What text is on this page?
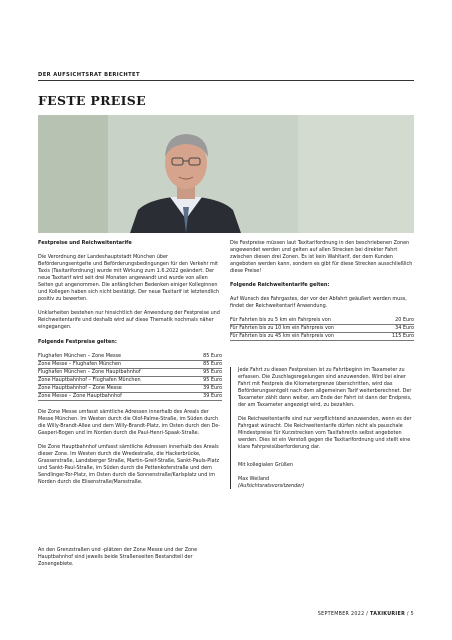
DER AUFSICHTSRAT BERICHTET
FESTE PREISE
Festpreise und Reichweitentarife

Die Verordnung der Landeshauptstadt München über Beförderungsentgelte und Beförderungsbedingungen für den Verkehr mit Taxis (Taxitarifordnung) wurde mit Wirkung zum 1.6.2022 geändert. Der neue Taxitarif wird seit drei Monaten angewandt und wurde von allen Seiten gut angenommen. Die anfänglichen Bedenken einiger Kolleginnen und Kollegen haben sich nicht bestätigt. Der neue Taxitarif ist letztendlich positiv zu bewerten.

Unklarheiten bestehen nur hinsichtlich der Anwendung der Festpreise und Reichweitentarife und deshalb wird auf diese Thematik nochmals näher eingegangen.

Folgende Festpreise gelten:
Flughafen München – Zone Messe	85 Euro
Zone Messe – Flughafen München	85 Euro
Flughafen München – Zone Hauptbahnhof	95 Euro
Zone Hauptbahnhof – Flughafen München	95 Euro
Zone Hauptbahnhof – Zone Messe	39 Euro
Zone Messe – Zone Hauptbahnhof	39 Euro

Die Zone Messe umfasst sämtliche Adressen innerhalb des Areals der Messe München. Im Westen durch die Olof-Palme-Straße, im Süden durch die Willy-Brandt-Allee und dem Willy-Brandt-Platz, im Osten durch den De-Gasperi-Bogen und im Norden durch die Paul-Henri-Spaak-Straße.

Die Zone Hauptbahnhof umfasst sämtliche Adressen innerhalb des Areals dieser Zone. Im Westen durch die Wredestraße, die Hackerbrücke, Grasserstraße, Landsberger Straße, Martin-Greif-Straße, Sankt-Pauls-Platz und Sankt-Paul-Straße, im Süden durch die Pettenkoferstraße und dem Sendlinger-Tor-Platz, im Osten durch die Sonnenstraße/Karlsplatz und im Norden durch die Elisenstraße/Marsstraße.

An den Grenzstraßen und -plätzen der Zone Messe und der Zone Hauptbahnhof sind jeweils beide Straßenseiten Bestandteil der Zonengebiete.

Die Festpreise müssen laut Taxitarifordnung in den beschriebenen Zonen angewendet werden und gelten auf allen Strecken bei direkter Fahrt zwischen diesen drei Zonen. Es ist kein Wahltarif, der dem Kunden angeboten werden kann, sondern es gibt für diese Strecken ausschließlich diese Preise!

Folgende Reichweitentarife gelten:

Auf Wunsch des Fahrgastes, der vor der Abfahrt geäußert werden muss, findet der Reichweitentarif Anwendung.

Für Fahrten bis zu 5 km ein Fahrpreis von	20 Euro
Für Fahrten bis zu 10 km ein Fahrpreis von	34 Euro
Für Fahrten bis zu 45 km ein Fahrpreis von	115 Euro

Jede Fahrt zu diesen Festpreisen ist zu Fahrtbeginn im Taxameter zu erfassen. Die Zuschlagsregelungen sind anzuwenden. Wird bei einer Fahrt mit Festpreis die Kilometergrenze überschritten, wird das Beförderungsentgelt nach dem allgemeinen Tarif weiterberechnet. Der Taxameter zählt dann weiter, am Ende der Fahrt ist dann der Endpreis, der am Taxameter angezeigt wird, zu bezahlen.

Die Reichweitentarife sind nur verpflichtend anzuwenden, wenn es der Fahrgast wünscht. Die Reichweitentarife dürfen nicht als pauschale Mindestpreise für Kurzstrecken vom Taxifahrer/in selbst angeboten werden. Dies ist ein Verstoß gegen die Taxitarifordnung und stellt eine klare Fahrpreisüberforderung dar.

Mit kollegialen Grüßen

Max Weiland

(Aufsichtsratsvorsitzender)

SEPTEMBER 2022 / TAXIKURIER / 5
